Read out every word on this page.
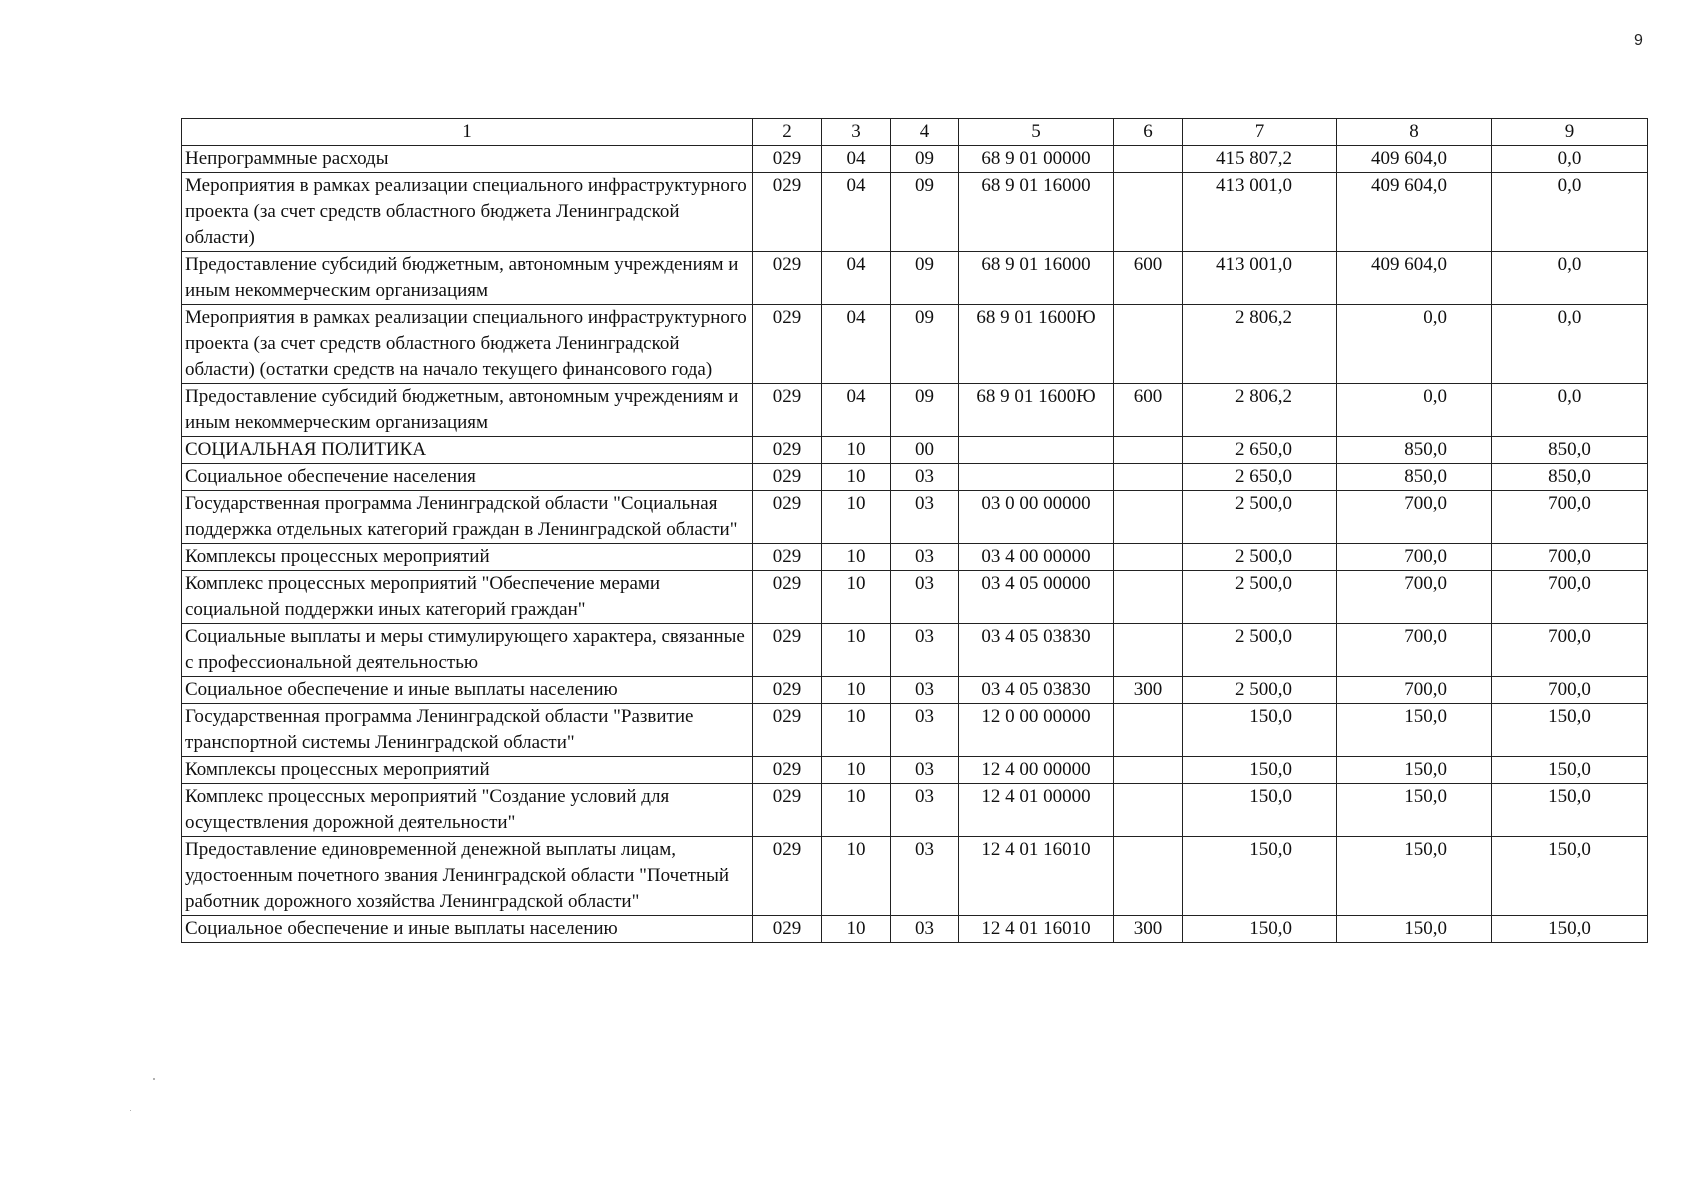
9
1	2	3	4	5	6	7	8	9
Непрограммные расходы	029	04	09	68 9 01 00000		415 807,2	409 604,0	0,0
Мероприятия в рамках реализации специального инфраструктурного проекта (за счет средств областного бюджета Ленинградской области)	029	04	09	68 9 01 16000		413 001,0	409 604,0	0,0
Предоставление субсидий бюджетным, автономным учреждениям и иным некоммерческим организациям	029	04	09	68 9 01 16000	600	413 001,0	409 604,0	0,0
Мероприятия в рамках реализации специального инфраструктурного проекта (за счет средств областного бюджета Ленинградской области) (остатки средств на начало текущего финансового года)	029	04	09	68 9 01 1600Ю		2 806,2	0,0	0,0
Предоставление субсидий бюджетным, автономным учреждениям и иным некоммерческим организациям	029	04	09	68 9 01 1600Ю	600	2 806,2	0,0	0,0
СОЦИАЛЬНАЯ ПОЛИТИКА	029	10	00			2 650,0	850,0	850,0
Социальное обеспечение населения	029	10	03			2 650,0	850,0	850,0
Государственная программа Ленинградской области "Социальная поддержка отдельных категорий граждан в Ленинградской области"	029	10	03	03 0 00 00000		2 500,0	700,0	700,0
Комплексы процессных мероприятий	029	10	03	03 4 00 00000		2 500,0	700,0	700,0
Комплекс процессных мероприятий "Обеспечение мерами социальной поддержки иных категорий граждан"	029	10	03	03 4 05 00000		2 500,0	700,0	700,0
Социальные выплаты и меры стимулирующего характера, связанные с профессиональной деятельностью	029	10	03	03 4 05 03830		2 500,0	700,0	700,0
Социальное обеспечение и иные выплаты населению	029	10	03	03 4 05 03830	300	2 500,0	700,0	700,0
Государственная программа Ленинградской области "Развитие транспортной системы Ленинградской области"	029	10	03	12 0 00 00000		150,0	150,0	150,0
Комплексы процессных мероприятий	029	10	03	12 4 00 00000		150,0	150,0	150,0
Комплекс процессных мероприятий "Создание условий для осуществления дорожной деятельности"	029	10	03	12 4 01 00000		150,0	150,0	150,0
Предоставление единовременной денежной выплаты лицам, удостоенным почетного звания Ленинградской области "Почетный работник дорожного хозяйства Ленинградской области"	029	10	03	12 4 01 16010		150,0	150,0	150,0
Социальное обеспечение и иные выплаты населению	029	10	03	12 4 01 16010	300	150,0	150,0	150,0
